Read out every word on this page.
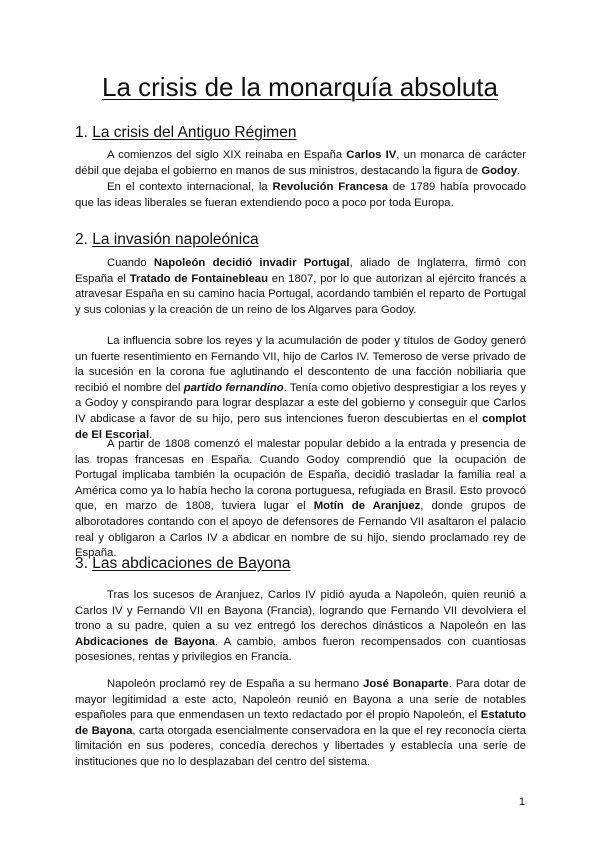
La crisis de la monarquía absoluta
1. La crisis del Antiguo Régimen

A comienzos del siglo XIX reinaba en España Carlos IV, un monarca de carácter débil que dejaba el gobierno en manos de sus ministros, destacando la figura de Godoy.

En el contexto internacional, la Revolución Francesa de 1789 había provocado que las ideas liberales se fueran extendiendo poco a poco por toda Europa.

2. La invasión napoleónica

Cuando Napoleón decidió invadir Portugal, aliado de Inglaterra, firmó con España el Tratado de Fontainebleau en 1807, por lo que autorizan al ejército francés a atravesar España en su camino hacia Portugal, acordando también el reparto de Portugal y sus colonias y la creación de un reino de los Algarves para Godoy.

La influencia sobre los reyes y la acumulación de poder y títulos de Godoy generó un fuerte resentimiento en Fernando VII, hijo de Carlos IV. Temeroso de verse privado de la sucesión en la corona fue aglutinando el descontento de una facción nobiliaria que recibió el nombre del partido fernandino. Tenía como objetivo desprestigiar a los reyes y a Godoy y conspirando para lograr desplazar a este del gobierno y conseguir que Carlos IV abdicase a favor de su hijo, pero sus intenciones fueron descubiertas en el complot de El Escorial.

A partir de 1808 comenzó el malestar popular debido a la entrada y presencia de las tropas francesas en España. Cuando Godoy comprendió que la ocupación de Portugal implicaba también la ocupación de España, decidió trasladar la familia real a América como ya lo había hecho la corona portuguesa, refugiada en Brasil. Esto provocó que, en marzo de 1808, tuviera lugar el Motín de Aranjuez, donde grupos de alborotadores contando con el apoyo de defensores de Fernando VII asaltaron el palacio real y obligaron a Carlos IV a abdicar en nombre de su hijo, siendo proclamado rey de España.

3. Las abdicaciones de Bayona

Tras los sucesos de Aranjuez, Carlos IV pidió ayuda a Napoleón, quien reunió a Carlos IV y Fernando VII en Bayona (Francia), logrando que Fernando VII devolviera el trono a su padre, quien a su vez entregó los derechos dinásticos a Napoleón en las Abdicaciones de Bayona. A cambio, ambos fueron recompensados con cuantiosas posesiones, rentas y privilegios en Francia.

Napoleón proclamó rey de España a su hermano José Bonaparte. Para dotar de mayor legitimidad a este acto, Napoleón reunió en Bayona a una serie de notables españoles para que enmendasen un texto redactado por el propio Napoleón, el Estatuto de Bayona, carta otorgada esencialmente conservadora en la que el rey reconocía cierta limitación en sus poderes, concedía derechos y libertades y establecía una serie de instituciones que no lo desplazaban del centro del sistema.

1
